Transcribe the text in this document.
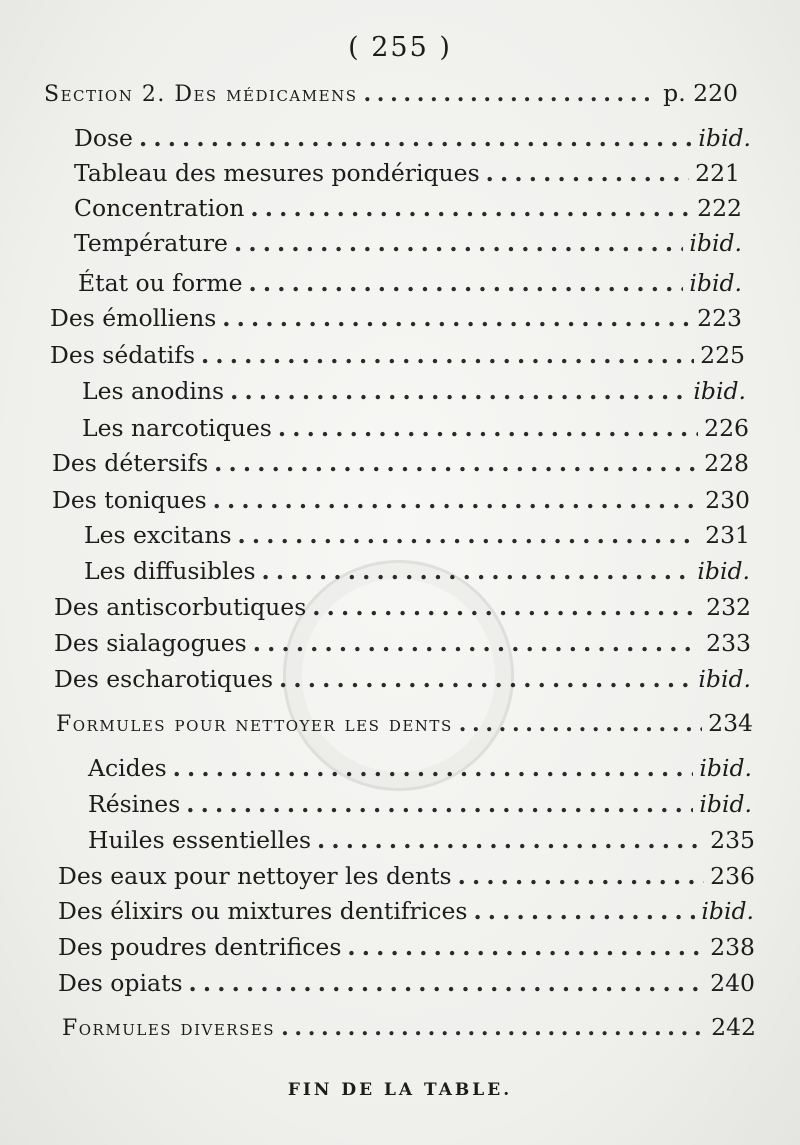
( 255 )
Section 2. Des médicamens . . .	p. 220
Dose . . .	ibid.
Tableau des mesures pondériques . . .	221
Concentration . . .	222
Température . . .	ibid.
État ou forme . . .	ibid.
Des émolliens . . .	223
Des sédatifs . . .	225
Les anodins . . .	ibid.
Les narcotiques . . .	226
Des détersifs . . .	228
Des toniques . . .	230
Les excitans . . .	231
Les diffusibles . . .	ibid.
Des antiscorbutiques . . .	232
Des sialagogues . . .	233
Des escharotiques . . .	ibid.
Formules pour nettoyer les dents . . .	234
Acides . . .	ibid.
Résines . . .	ibid.
Huiles essentielles . . .	235
Des eaux pour nettoyer les dents . . .	236
Des élixirs ou mixtures dentifrices . . .	ibid.
Des poudres dentrifices . . .	238
Des opiats . . .	240
Formules diverses . . .	242
FIN DE LA TABLE.
